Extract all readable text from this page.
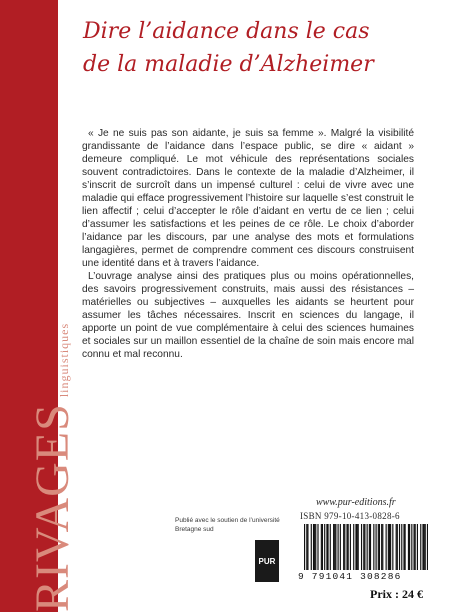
RIVAGES
linguistiques
Dire l’aidance dans le cas
de la maladie d’Alzheimer

« Je ne suis pas son aidante, je suis sa femme ». Malgré la visibilité grandissante de l’aidance dans l’espace public, se dire « aidant » demeure compliqué. Le mot véhicule des représentations sociales souvent contradictoires. Dans le contexte de la maladie d’Alzheimer, il s’inscrit de surcroît dans un impensé culturel : celui de vivre avec une maladie qui efface progressivement l’histoire sur laquelle s’est construit le lien affectif ; celui d’accepter le rôle d’aidant en vertu de ce lien ; celui d’assumer les satisfactions et les peines de ce rôle. Le choix d’aborder l’aidance par les discours, par une analyse des mots et formulations langagières, permet de comprendre comment ces discours construisent une identité dans et à travers l’aidance.

L’ouvrage analyse ainsi des pratiques plus ou moins opérationnelles, des savoirs progressivement construits, mais aussi des résistances – matérielles ou subjectives – auxquelles les aidants se heurtent pour assumer les tâches nécessaires. Inscrit en sciences du langage, il apporte un point de vue complémentaire à celui des sciences humaines et sociales sur un maillon essentiel de la chaîne de soin mais encore mal connu et mal reconnu.

Publié avec le soutien de l’université Bretagne sud
PUR
www.pur-editions.fr
ISBN 979-10-413-0828-6
9 791041 308286
Prix : 24 €
